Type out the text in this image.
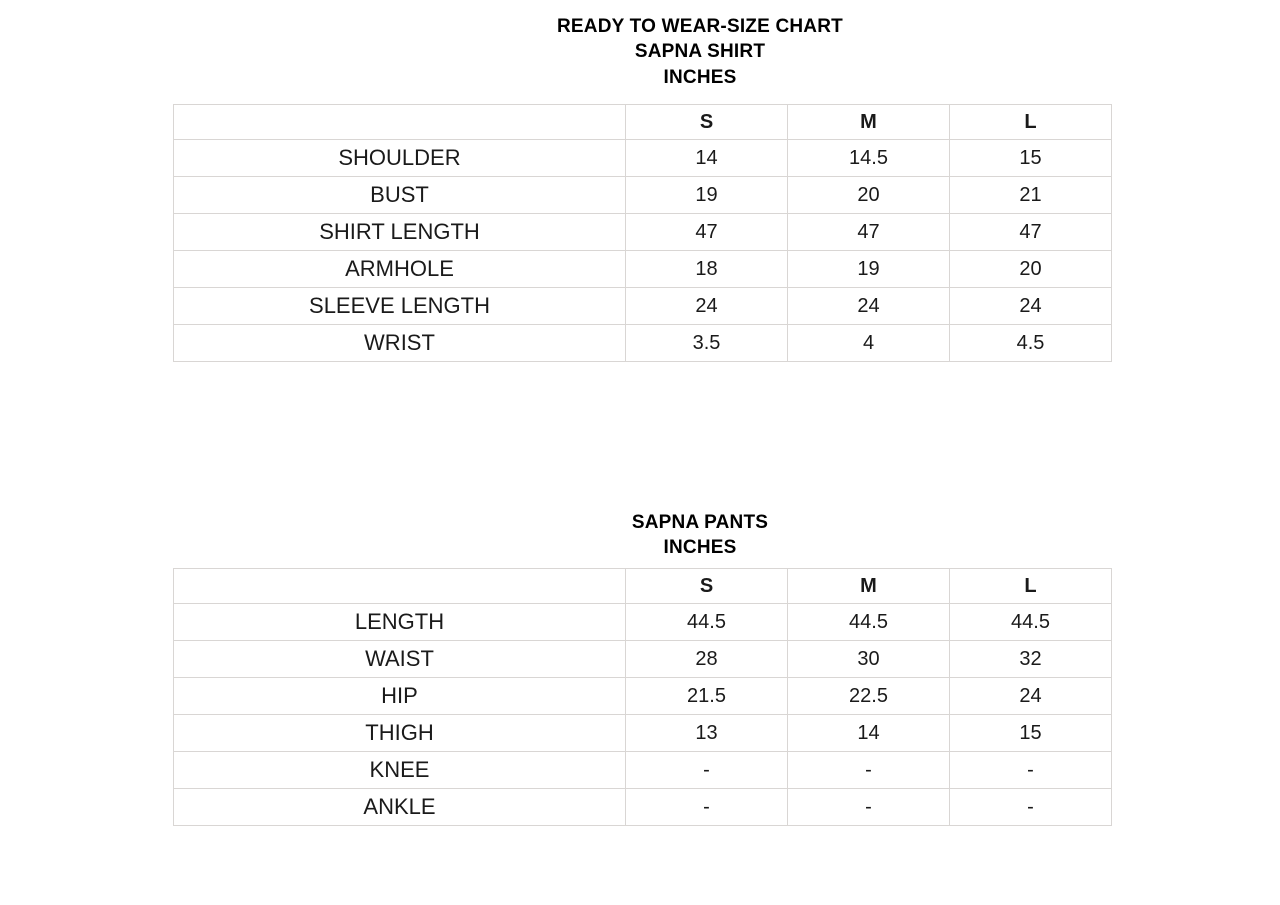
READY TO WEAR-SIZE CHART
SAPNA SHIRT
INCHES
	S	M	L
SHOULDER	14	14.5	15
BUST	19	20	21
SHIRT LENGTH	47	47	47
ARMHOLE	18	19	20
SLEEVE LENGTH	24	24	24
WRIST	3.5	4	4.5
SAPNA PANTS
INCHES
	S	M	L
LENGTH	44.5	44.5	44.5
WAIST	28	30	32
HIP	21.5	22.5	24
THIGH	13	14	15
KNEE	-	-	-
ANKLE	-	-	-
